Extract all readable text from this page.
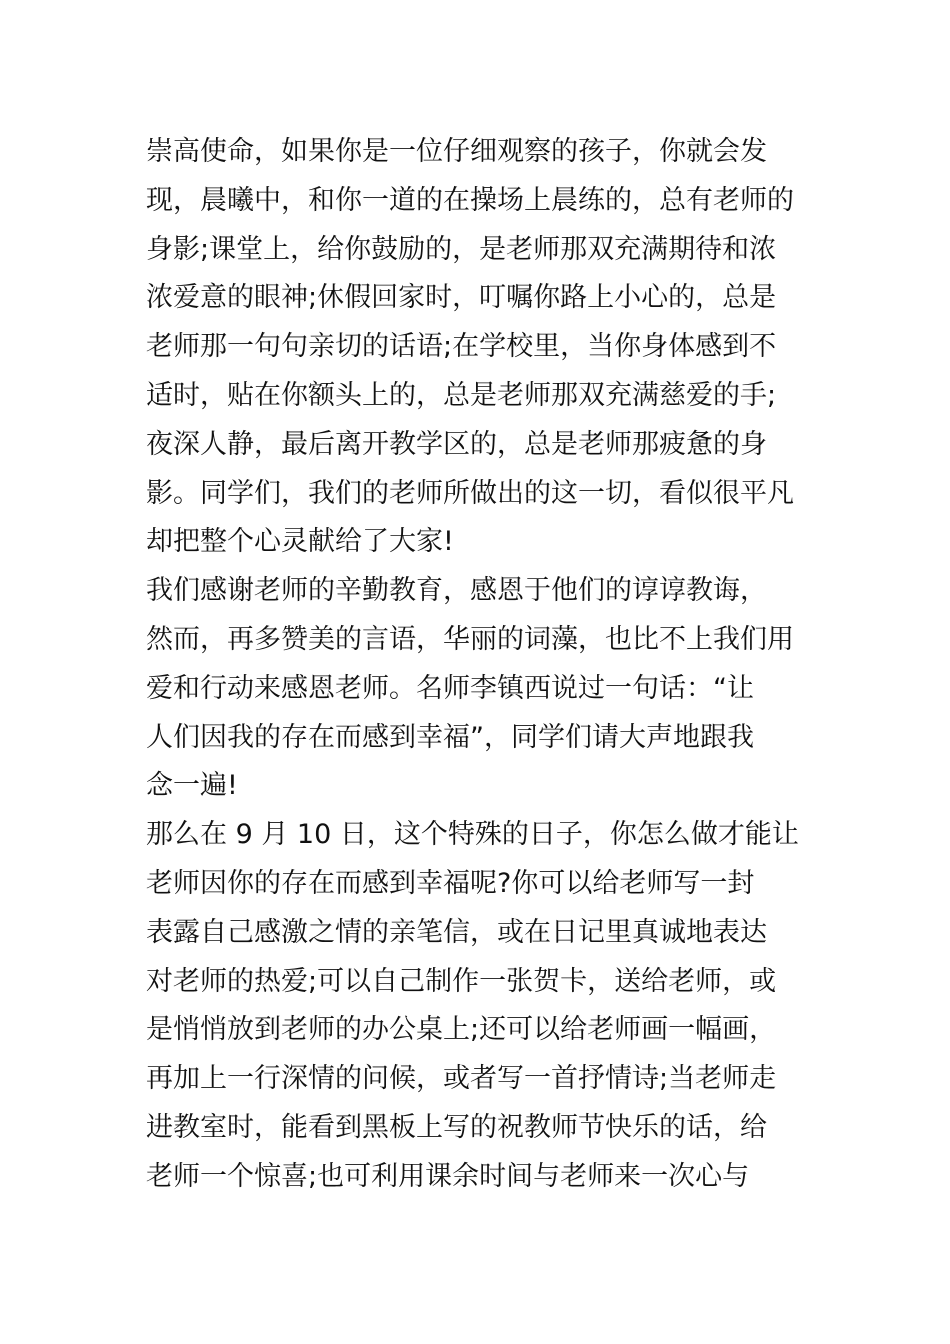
崇高使命，如果你是一位仔细观察的孩子，你就会发
现，晨曦中，和你一道的在操场上晨练的，总有老师的
身影;课堂上，给你鼓励的，是老师那双充满期待和浓
浓爱意的眼神;休假回家时，叮嘱你路上小心的，总是
老师那一句句亲切的话语;在学校里，当你身体感到不
适时，贴在你额头上的，总是老师那双充满慈爱的手;
夜深人静，最后离开教学区的，总是老师那疲惫的身
影。同学们，我们的老师所做出的这一切，看似很平凡
却把整个心灵献给了大家!
我们感谢老师的辛勤教育，感恩于他们的谆谆教诲，
然而，再多赞美的言语，华丽的词藻，也比不上我们用
爱和行动来感恩老师。名师李镇西说过一句话：“让
人们因我的存在而感到幸福”，同学们请大声地跟我
念一遍!
那么在 9 月 10 日，这个特殊的日子，你怎么做才能让
老师因你的存在而感到幸福呢?你可以给老师写一封
表露自己感激之情的亲笔信，或在日记里真诚地表达
对老师的热爱;可以自己制作一张贺卡，送给老师，或
是悄悄放到老师的办公桌上;还可以给老师画一幅画，
再加上一行深情的问候，或者写一首抒情诗;当老师走
进教室时，能看到黑板上写的祝教师节快乐的话，给
老师一个惊喜;也可利用课余时间与老师来一次心与
